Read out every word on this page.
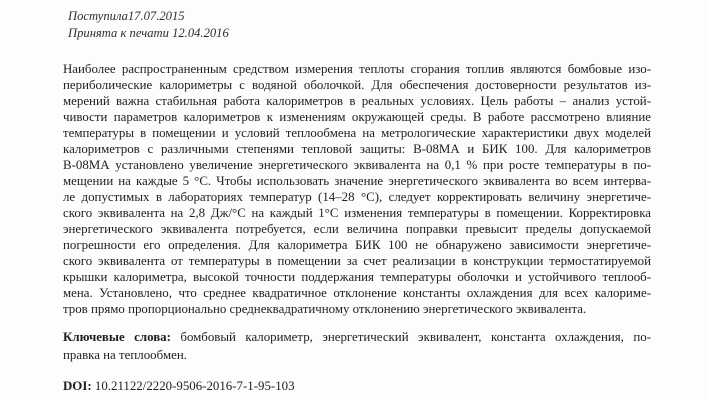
Поступила17.07.2015
Принята к печати 12.04.2016
Наиболее распространенным средством измерения теплоты сгорания топлив являются бомбовые изо-
периболические калориметры с водяной оболочкой. Для обеспечения достоверности результатов из-
мерений важна стабильная работа калориметров в реальных условиях. Цель работы – анализ устой-
чивости параметров калориметров к изменениям окружающей среды. В работе рассмотрено влияние
температуры в помещении и условий теплообмена на метрологические характеристики двух моделей
калориметров с различными степенями тепловой защиты: В-08МА и БИК 100. Для калориметров
В-08МА установлено увеличение энергетического эквивалента на 0,1 % при росте температуры в по-
мещении на каждые 5 °С. Чтобы использовать значение энергетического эквивалента во всем интерва-
ле допустимых в лабораториях температур (14–28 °С), следует корректировать величину энергетиче-
ского эквивалента на 2,8 Дж/°С на каждый 1°С изменения температуры в помещении. Корректировка
энергетического эквивалента потребуется, если величина поправки превысит пределы допускаемой
погрешности его определения. Для калориметра БИК 100 не обнаружено зависимости энергетиче-
ского эквивалента от температуры в помещении за счет реализации в конструкции термостатируемой
крышки калориметра, высокой точности поддержания температуры оболочки и устойчивого теплооб-
мена. Установлено, что среднее квадратичное отклонение константы охлаждения для всех калориме-
тров прямо пропорционально среднеквадратичному отклонению энергетического эквивалента.
Ключевые слова: бомбовый калориметр, энергетический эквивалент, константа охлаждения, по-
правка на теплообмен.
DOI: 10.21122/2220-9506-2016-7-1-95-103
